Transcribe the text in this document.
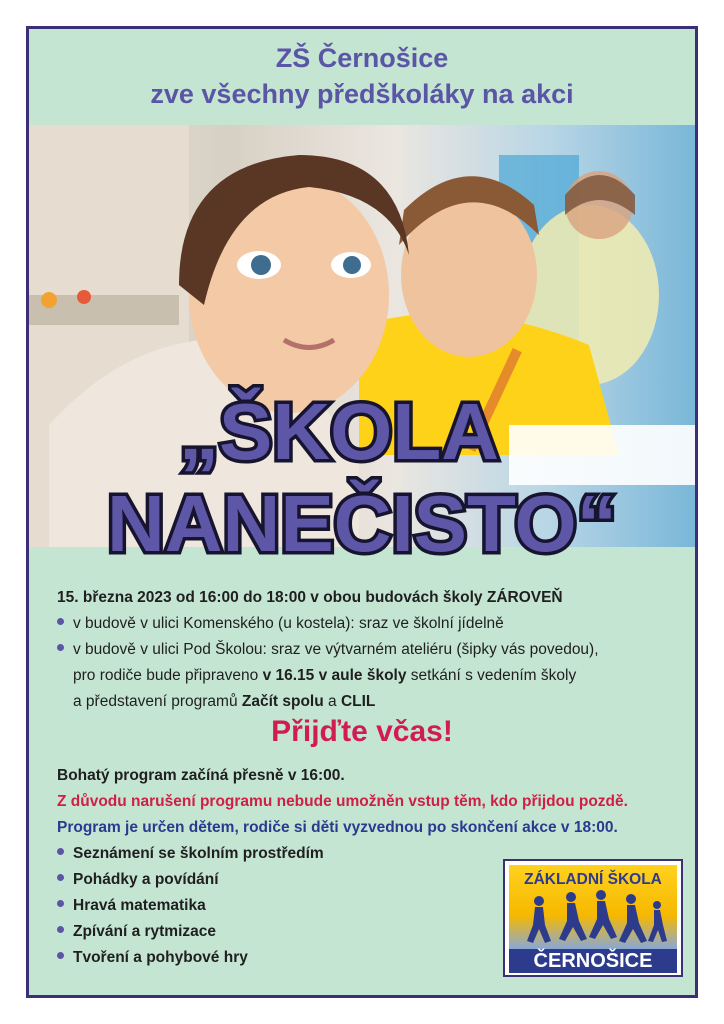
ZŠ Černošice
zve všechny předškoláky na akci
„ŠKOLA
NANEČISTO“
15. března 2023 od 16:00 do 18:00 v obou budovách školy ZÁROVEŇ
v budově v ulici Komenského (u kostela): sraz ve školní jídelně
v budově v ulici Pod Školou: sraz ve výtvarném ateliéru (šipky vás povedou),
pro rodiče bude připraveno v 16.15 v aule školy setkání s vedením školy
a představení programů Začít spolu a CLIL
Přijďte včas!
Bohatý program začíná přesně v 16:00.
Z důvodu narušení programu nebude umožněn vstup těm, kdo přijdou pozdě.
Program je určen dětem, rodiče si děti vyzvednou po skončení akce v 18:00.
Seznámení se školním prostředím
Pohádky a povídání
Hravá matematika
Zpívání a rytmizace
Tvoření a pohybové hry
ZÁKLADNÍ ŠKOLA
ČERNOŠICE
